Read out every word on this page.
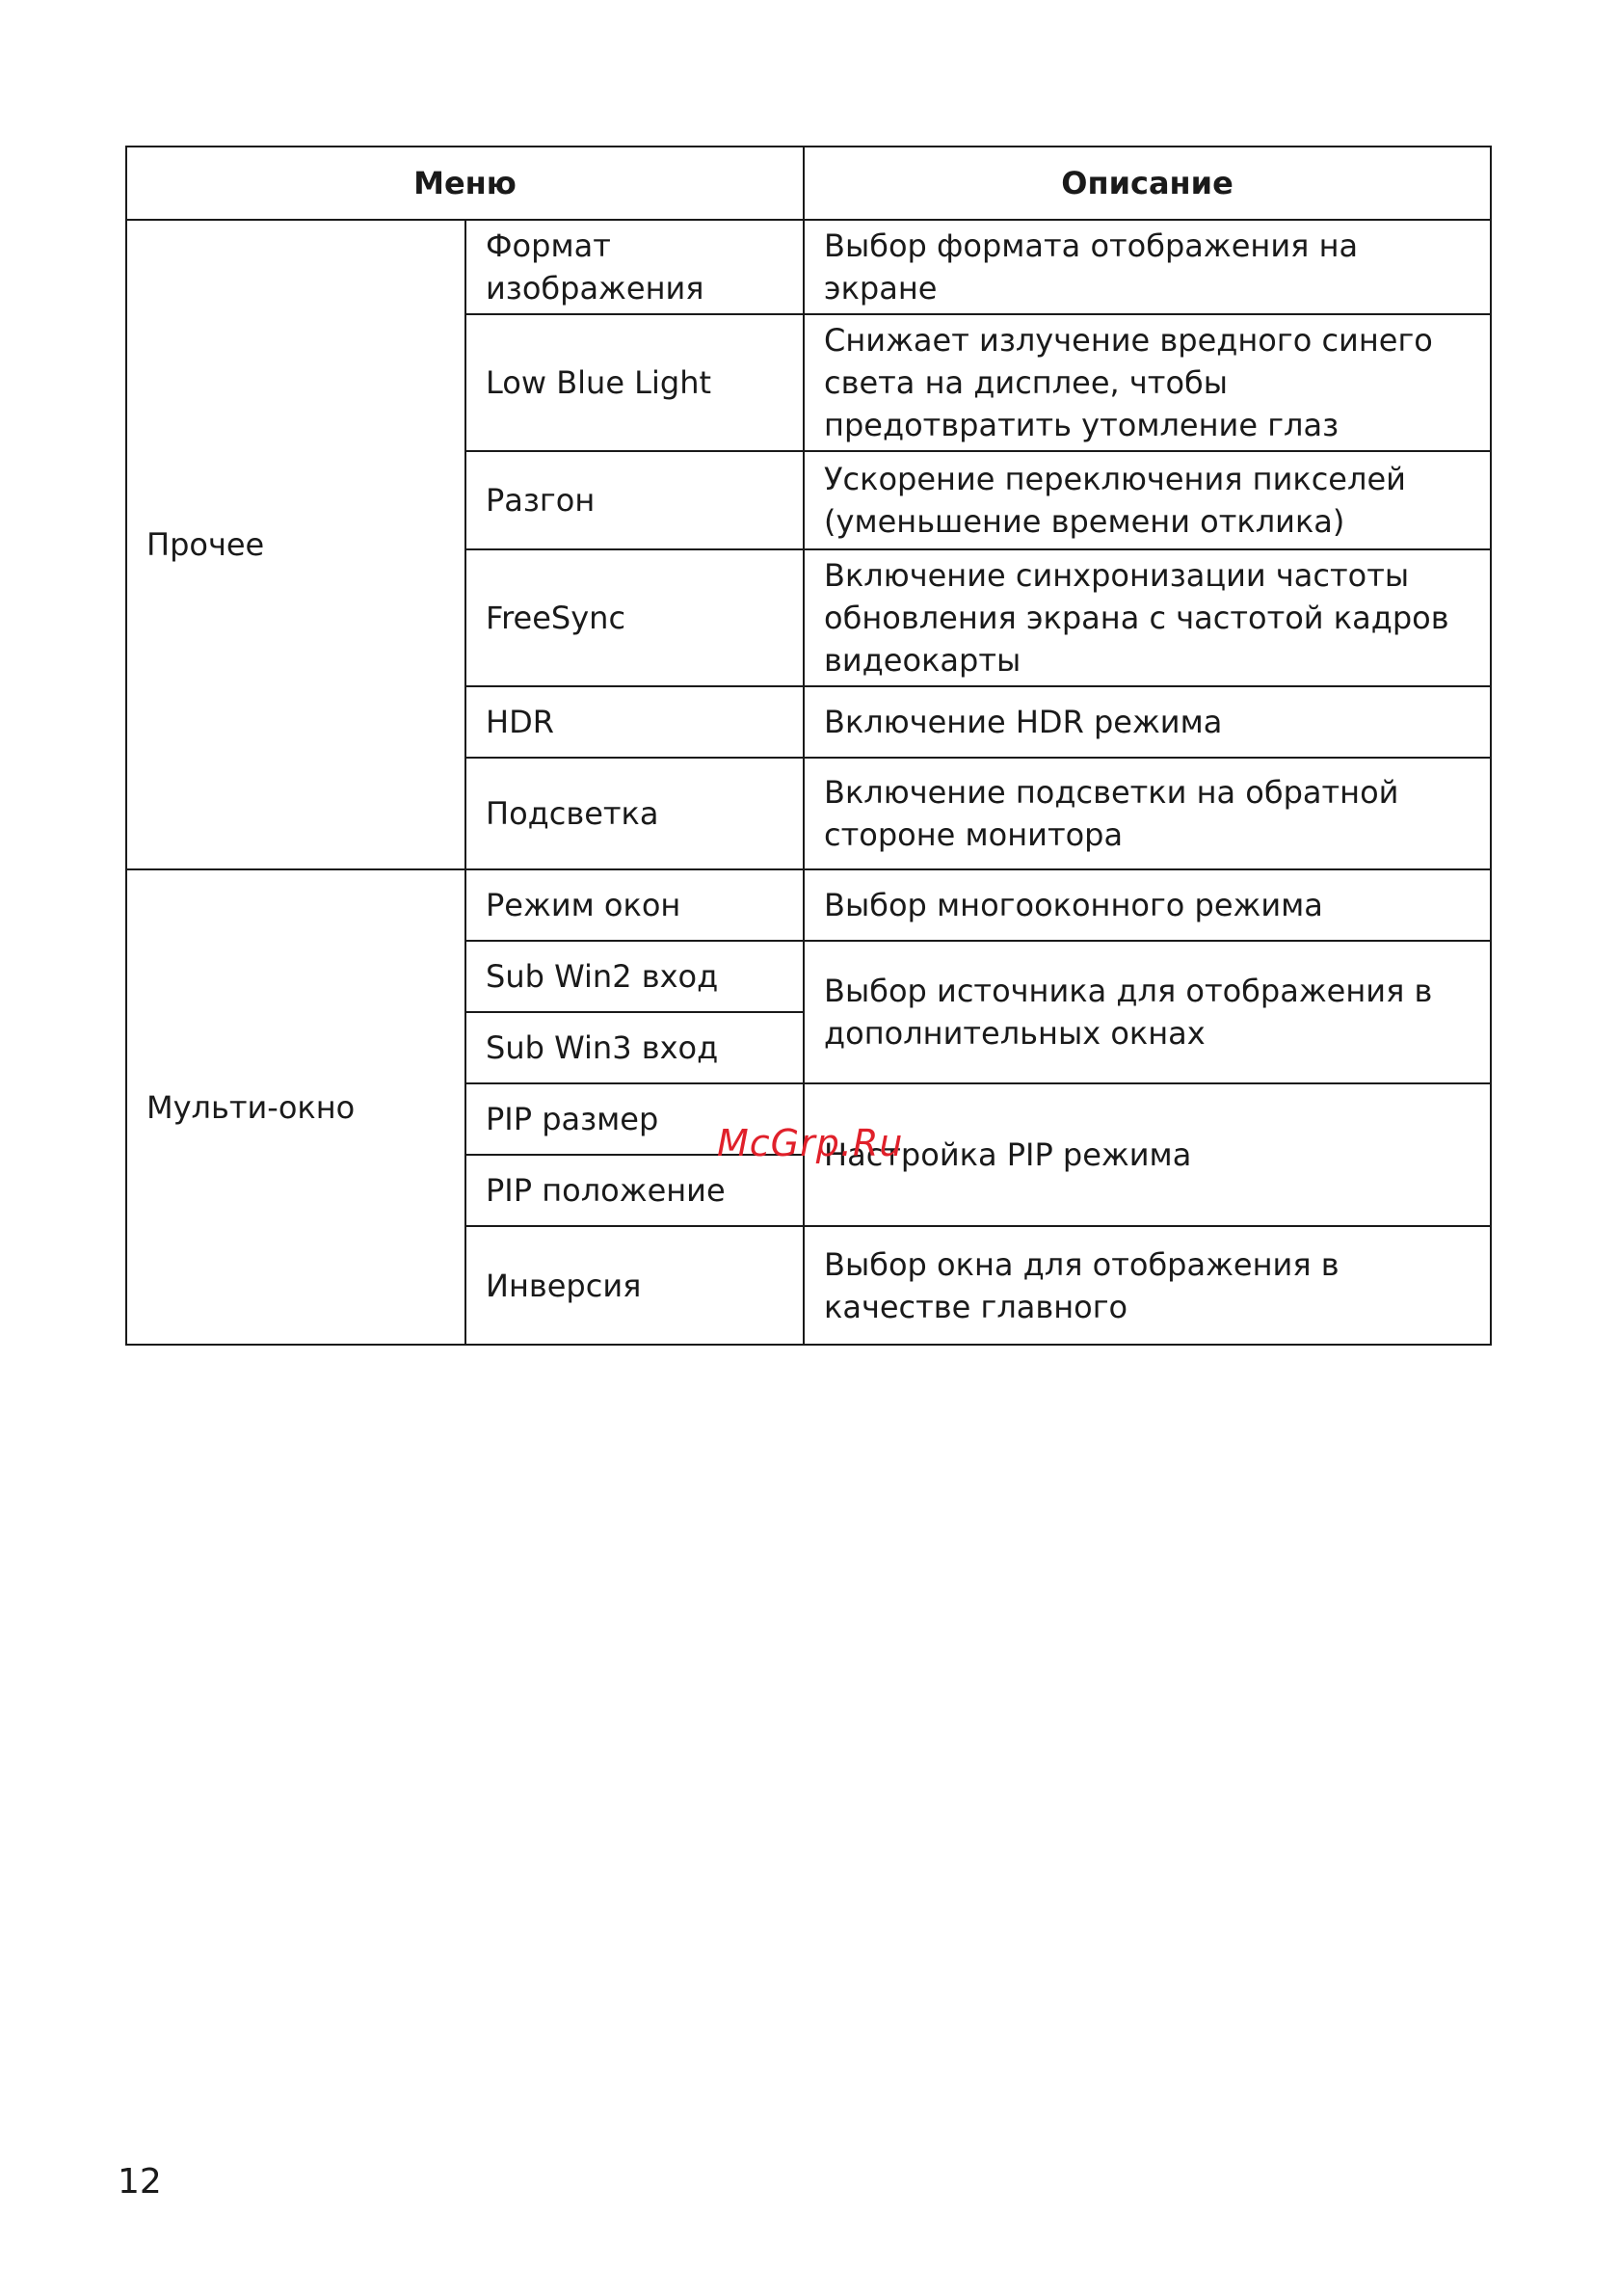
Меню		Описание
Прочее	Формат изображения	Выбор формата отображения на экране
	Low Blue Light	Снижает излучение вредного синего света на дисплее, чтобы предотвратить утомление глаз
	Разгон	Ускорение переключения пикселей (уменьшение времени отклика)
	FreeSync	Включение синхронизации частоты обновления экрана с частотой кадров видеокарты
	HDR	Включение HDR режима
	Подсветка	Включение подсветки на обратной стороне монитора
Мульти-окно	Режим окон	Выбор многооконного режима
	Sub Win2 вход	Выбор источника для отображения в дополнительных окнах
	Sub Win3 вход	
	PIP размер	Настройка PIP режима
	PIP положение	
	Инверсия	Выбор окна для отображения в качестве главного
McGrp.Ru
12
